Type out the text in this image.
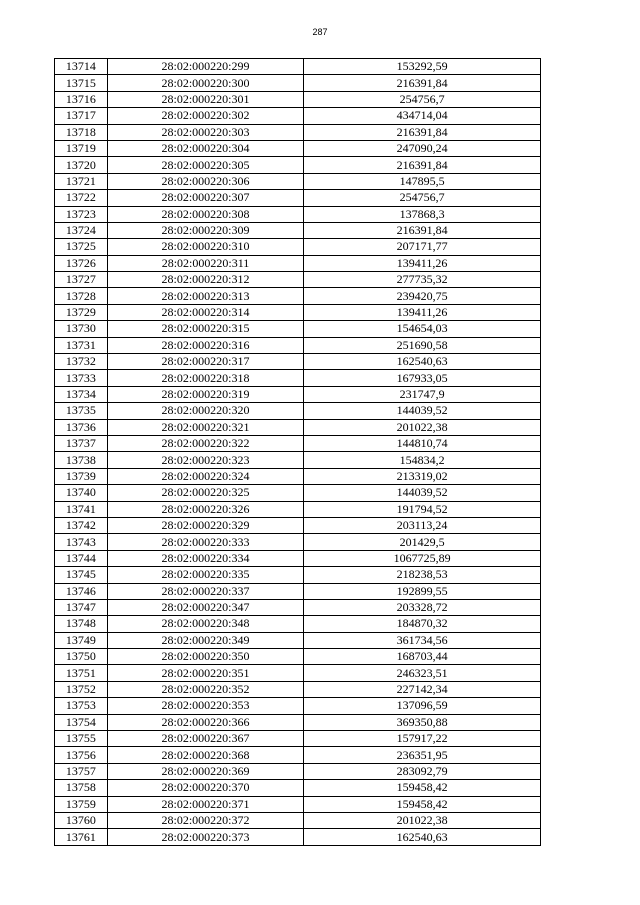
287
13714	28:02:000220:299	153292,59
13715	28:02:000220:300	216391,84
13716	28:02:000220:301	254756,7
13717	28:02:000220:302	434714,04
13718	28:02:000220:303	216391,84
13719	28:02:000220:304	247090,24
13720	28:02:000220:305	216391,84
13721	28:02:000220:306	147895,5
13722	28:02:000220:307	254756,7
13723	28:02:000220:308	137868,3
13724	28:02:000220:309	216391,84
13725	28:02:000220:310	207171,77
13726	28:02:000220:311	139411,26
13727	28:02:000220:312	277735,32
13728	28:02:000220:313	239420,75
13729	28:02:000220:314	139411,26
13730	28:02:000220:315	154654,03
13731	28:02:000220:316	251690,58
13732	28:02:000220:317	162540,63
13733	28:02:000220:318	167933,05
13734	28:02:000220:319	231747,9
13735	28:02:000220:320	144039,52
13736	28:02:000220:321	201022,38
13737	28:02:000220:322	144810,74
13738	28:02:000220:323	154834,2
13739	28:02:000220:324	213319,02
13740	28:02:000220:325	144039,52
13741	28:02:000220:326	191794,52
13742	28:02:000220:329	203113,24
13743	28:02:000220:333	201429,5
13744	28:02:000220:334	1067725,89
13745	28:02:000220:335	218238,53
13746	28:02:000220:337	192899,55
13747	28:02:000220:347	203328,72
13748	28:02:000220:348	184870,32
13749	28:02:000220:349	361734,56
13750	28:02:000220:350	168703,44
13751	28:02:000220:351	246323,51
13752	28:02:000220:352	227142,34
13753	28:02:000220:353	137096,59
13754	28:02:000220:366	369350,88
13755	28:02:000220:367	157917,22
13756	28:02:000220:368	236351,95
13757	28:02:000220:369	283092,79
13758	28:02:000220:370	159458,42
13759	28:02:000220:371	159458,42
13760	28:02:000220:372	201022,38
13761	28:02:000220:373	162540,63
